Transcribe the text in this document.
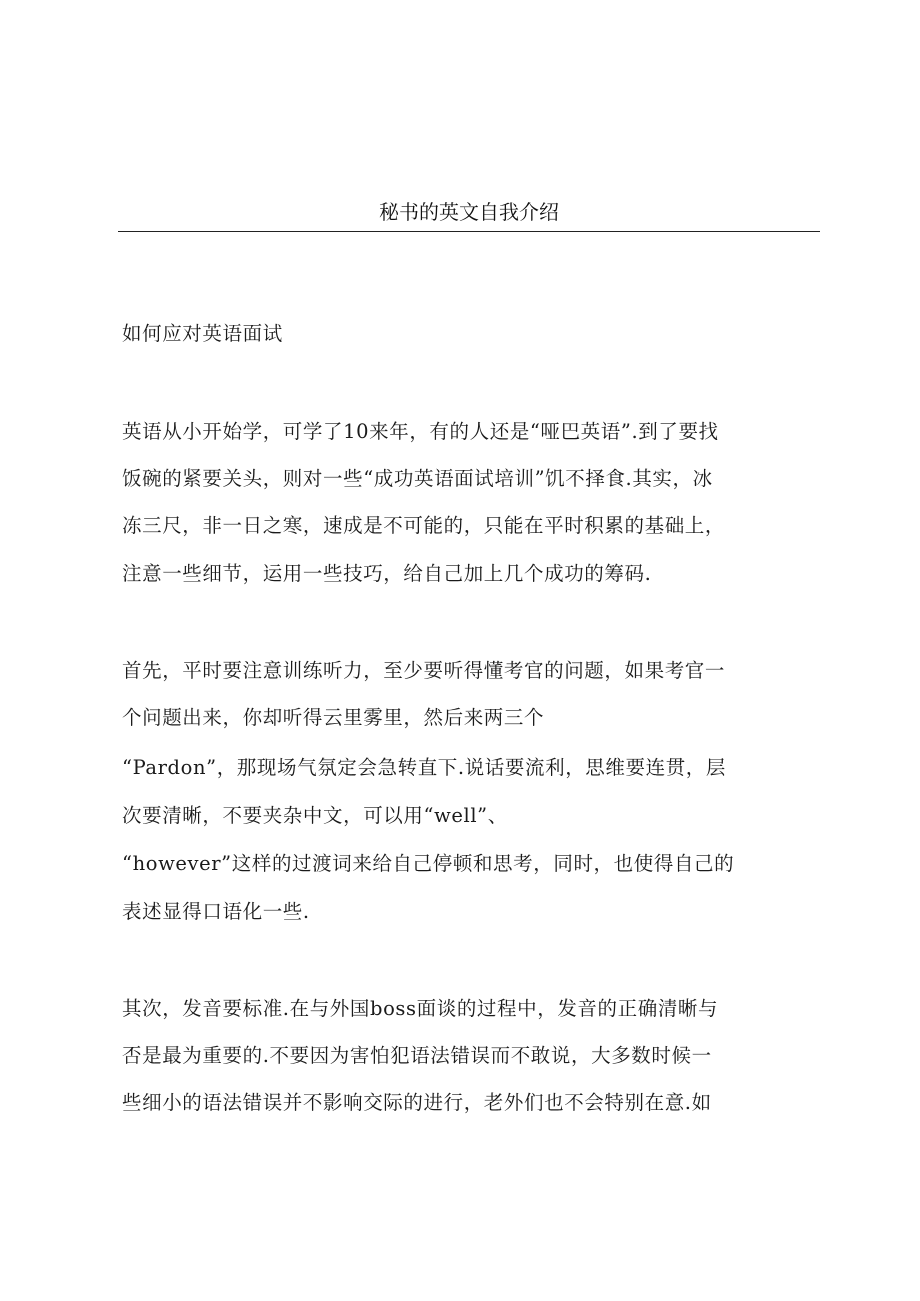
秘书的英文自我介绍
如何应对英语面试
英语从小开始学，可学了10来年，有的人还是“哑巴英语”.到了要找
饭碗的紧要关头，则对一些“成功英语面试培训”饥不择食.其实，冰
冻三尺，非一日之寒，速成是不可能的，只能在平时积累的基础上，
注意一些细节，运用一些技巧，给自己加上几个成功的筹码.
首先，平时要注意训练听力，至少要听得懂考官的问题，如果考官一
个问题出来，你却听得云里雾里，然后来两三个
“Pardon”，那现场气氛定会急转直下.说话要流利，思维要连贯，层
次要清晰，不要夹杂中文，可以用“well”、
“however”这样的过渡词来给自己停顿和思考，同时，也使得自己的
表述显得口语化一些.
其次，发音要标准.在与外国boss面谈的过程中，发音的正确清晰与
否是最为重要的.不要因为害怕犯语法错误而不敢说，大多数时候一
些细小的语法错误并不影响交际的进行，老外们也不会特别在意.如
